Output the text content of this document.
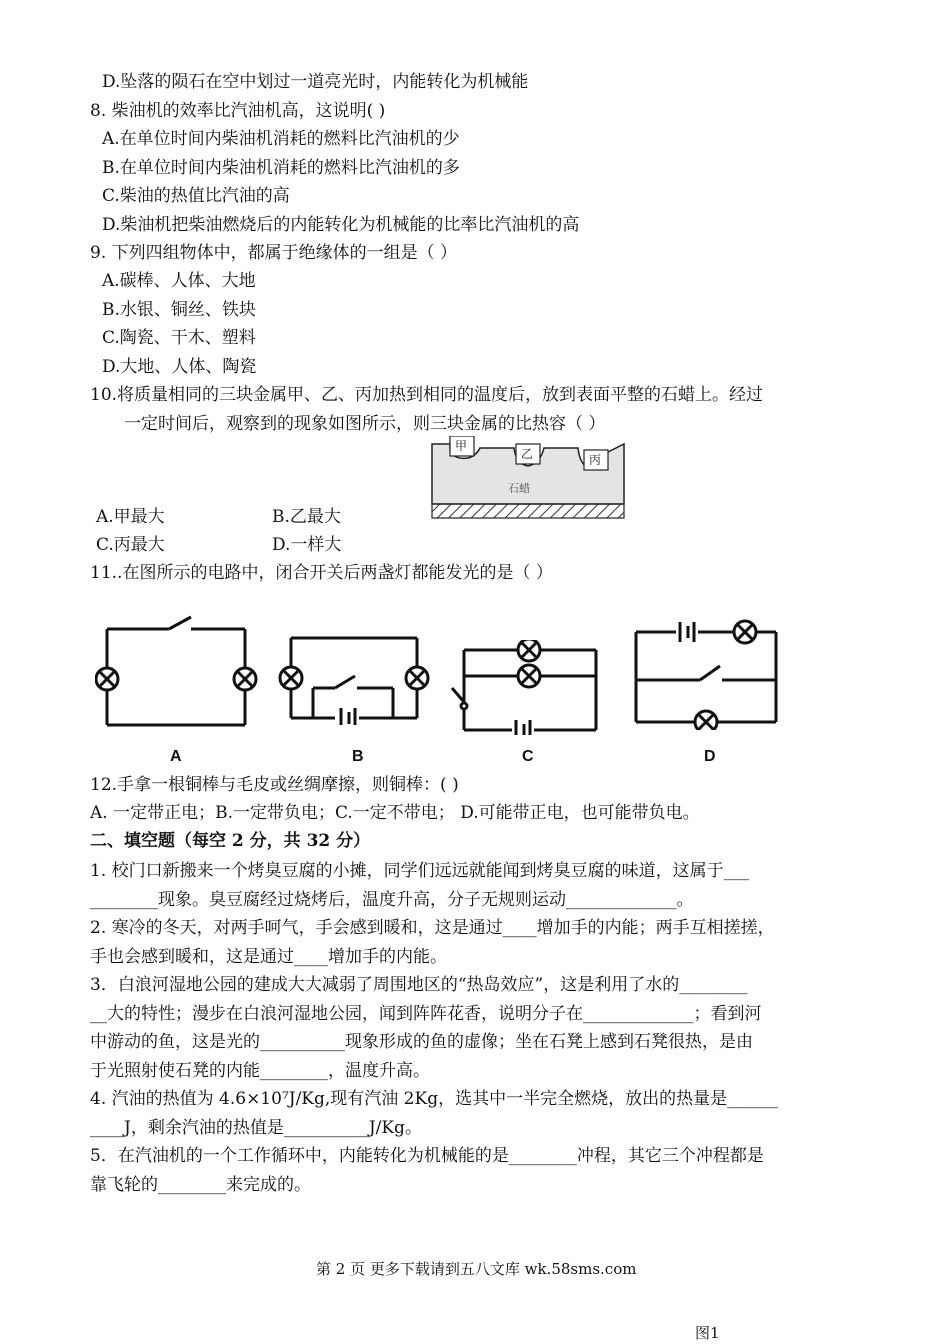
D.坠落的陨石在空中划过一道亮光时，内能转化为机械能
8. 柴油机的效率比汽油机高，这说明( )
A.在单位时间内柴油机消耗的燃料比汽油机的少
B.在单位时间内柴油机消耗的燃料比汽油机的多
C.柴油的热值比汽油的高
D.柴油机把柴油燃烧后的内能转化为机械能的比率比汽油机的高
9. 下列四组物体中，都属于绝缘体的一组是（ ）
A.碳棒、人体、大地
B.水银、铜丝、铁块
C.陶瓷、干木、塑料
D.大地、人体、陶瓷
10.将质量相同的三块金属甲、乙、丙加热到相同的温度后，放到表面平整的石蜡上。经过
一定时间后，观察到的现象如图所示，则三块金属的比热容（ ）
A.甲最大	B.乙最大
C.丙最大	D.一样大
11..在图所示的电路中，闭合开关后两盏灯都能发光的是（ ）
12.手拿一根铜棒与毛皮或丝绸摩擦，则铜棒：( )
A. 一定带正电；B.一定带负电；C.一定不带电； D.可能带正电，也可能带负电。
二、填空题（每空 2 分，共 32 分）
1. 校门口新搬来一个烤臭豆腐的小摊，同学们远远就能闻到烤臭豆腐的味道，这属于___
________现象。臭豆腐经过烧烤后，温度升高，分子无规则运动_____________。
2. 寒冷的冬天，对两手呵气，手会感到暖和，这是通过____增加手的内能；两手互相搓搓，
手也会感到暖和，这是通过____增加手的内能。
3．白浪河湿地公园的建成大大减弱了周围地区的“热岛效应”，这是利用了水的________
__大的特性；漫步在白浪河湿地公园，闻到阵阵花香，说明分子在_____________；看到河
中游动的鱼，这是光的__________现象形成的鱼的虚像；坐在石凳上感到石凳很热，是由
于光照射使石凳的内能________，温度升高。
4. 汽油的热值为 4.6×10⁷J/Kg,现有汽油 2Kg，选其中一半完全燃烧，放出的热量是______
____J，剩余汽油的热值是__________J/Kg。
5．在汽油机的一个工作循环中，内能转化为机械能的是________冲程，其它三个冲程都是
靠飞轮的________来完成的。
甲
乙	丙
石蜡
A	B	C	D
第 2 页 更多下载请到五八文库 wk.58sms.com
图1
